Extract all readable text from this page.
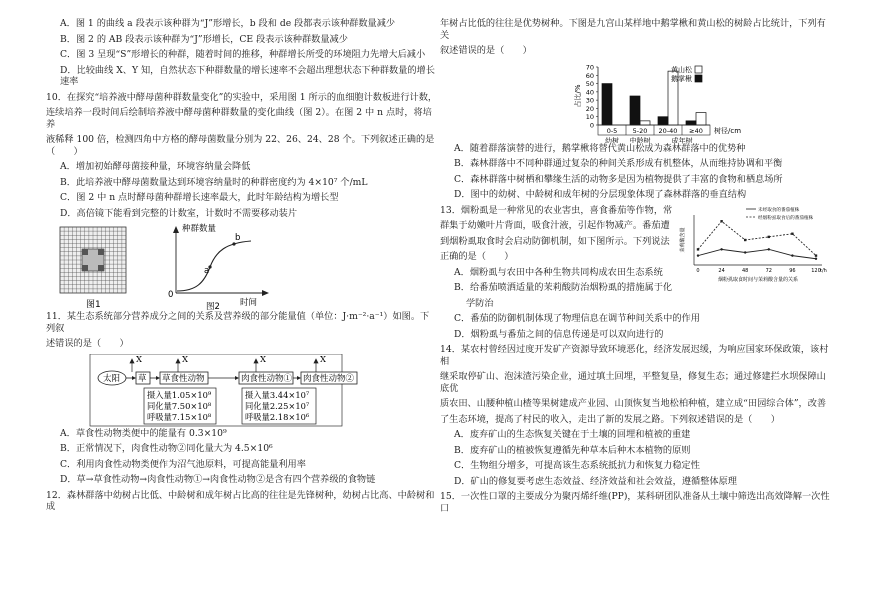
A．图 1 的曲线 a 段表示该种群为“J”形增长，b 段和 de 段都表示该种群数量减少

B．图 2 的 AB 段表示该种群为“J”形增长，CE 段表示该种群数量减少

C．图 3 呈现“S”形增长的种群，随着时间的推移，种群增长所受的环境阻力先增大后减小

D．比较曲线 X、Y 知，自然状态下种群数量的增长速率不会超出理想状态下种群数量的增长速率

10．在探究“培养液中酵母菌种群数量变化”的实验中，采用图 1 所示的血细胞计数板进行计数，

连续培养一段时间后绘制培养液中酵母菌种群数量的变化曲线（图 2）。在图 2 中 n 点时，将培养

液稀释 100 倍，检测四角中方格的酵母菌数量分别为 22、26、24、28 个。下列叙述正确的是（　　）

A．增加初始酵母菌接种量，环境容纳量会降低

B．此培养液中酵母菌数量达到环境容纳量时的种群密度约为 4×10⁷ 个/mL

C．图 2 中 n 点时酵母菌种群增长速率最大，此时年龄结构为增长型

D．高倍镜下能看到完整的计数室，计数时不需要移动装片

图1
种群数量
a
b
0
时间
图2

11．某生态系统部分营养成分之间的关系及营养级的部分能量值（单位：J·m⁻²·a⁻¹）如图。下列叙

述错误的是（　　）

X	X	X	X
太阳 草 草食性动物	肉食性动物① 肉食性动物②
摄入量1.05×10⁹
同化量7.50×10⁸
呼吸量7.15×10⁸
摄入量3.44×10⁷
同化量2.25×10⁷
呼吸量2.18×10⁶

A．草食性动物类便中的能量有 0.3×10⁹

B．正常情况下，肉食性动物②同化量大为 4.5×10⁶

C．利用肉食性动物类便作为沼气池原料，可提高能量利用率

D．草→草食性动物→肉食性动物①→肉食性动物②是含有四个营养级的食物链

12．森林群落中幼树占比低、中龄树和成年树占比高的往往是先锋树种，幼树占比高、中龄树和成

年树占比低的往往是优势树种。下图是九宫山某样地中鹅掌楸和黄山松的树龄占比统计，下列有关

叙述错误的是（　　）

0
10
20
30
40
50
60
70
占比/%
0-5 5-20 20-40 ≥40 树径/cm
幼树 中龄树	成年树
黄山松
鹅掌楸

A．随着群落演替的进行，鹅掌楸将替代黄山松成为森林群落中的优势种

B．森林群落中不同种群通过复杂的种间关系形成有机整体，从而维持协调和平衡

C．森林群落中树栖和攀缘生活的动物多是因为植物提供了丰富的食物和栖息场所

D．图中的幼树、中龄树和成年树的分层现象体现了森林群落的垂直结构

13．烟粉虱是一种常见的农业害虫，喜食番茄等作物，常

群集于幼嫩叶片背面，吸食汁液，引起作物减产。番茄遭

到烟粉虱取食时会启动防御机制，如下图所示。下列说法

正确的是（　　）

A．烟粉虱与农田中各种生物共同构成农田生态系统

B．给番茄喷洒适量的茉莉酸防治烟粉虱的措施属于化

学防治

茉莉酸含量
0	24	48	72	96	120 t/h
未经取食的番茄植株
经烟粉虱取食后的番茄植株
烟粉虱取食时间与茉莉酸含量的关系

C．番茄的防御机制体现了物理信息在调节种间关系中的作用

D．烟粉虱与番茄之间的信息传递是可以双向进行的

14．某农村曾经因过度开发矿产资源导致环境恶化，经济发展迟缓，为响应国家环保政策，该村相

继采取停矿山、泡沫渣污染企业，通过填土回埋，平整复垦，修复生态；通过修建拦水坝保障山底优

质农田、山腰种植山楂等果树建成产业园、山顶恢复当地松柏种植，建立成“田园综合体”，改善

了生态环境，提高了村民的收入，走出了新的发展之路。下列叙述错误的是（　　）

A．废弃矿山的生态恢复关键在于土壤的回埋和植被的重建

B．废弃矿山的植被恢复遵循先种草本后种木本植物的原则

C．生物组分增多，可提高该生态系统抵抗力和恢复力稳定性

D．矿山的修复要考虑生态效益、经济效益和社会效益，遵循整体原理

15．一次性口罩的主要成分为聚丙烯纤维(PP)，某科研团队准备从土壤中筛选出高效降解一次性口
